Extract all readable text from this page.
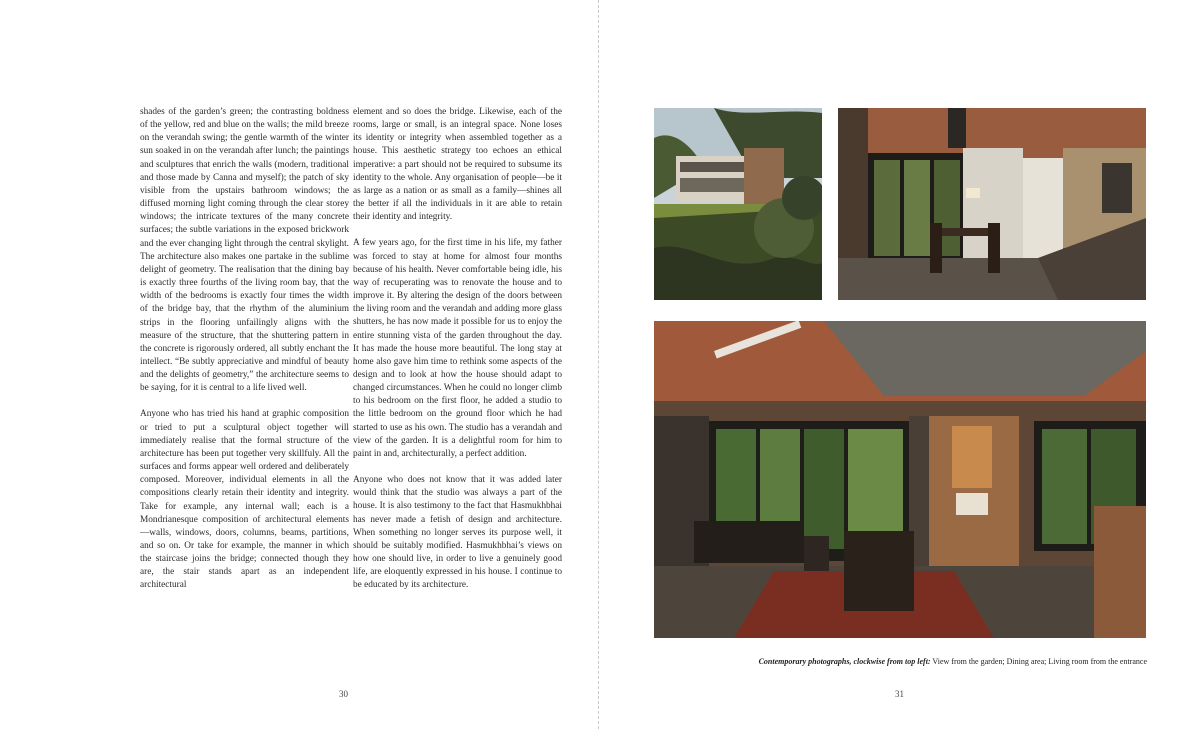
shades of the garden’s green; the contrasting boldness of the yellow, red and blue on the walls; the mild breeze on the verandah swing; the gentle warmth of the winter sun soaked in on the verandah after lunch; the paintings and sculptures that enrich the walls (modern, traditional and those made by Canna and myself); the patch of sky visible from the upstairs bathroom windows; the diffused morning light coming through the clear storey windows; the intricate textures of the many concrete surfaces; the subtle variations in the exposed brickwork and the ever changing light through the central skylight. The architecture also makes one partake in the sublime delight of geometry. The realisation that the dining bay is exactly three fourths of the living room bay, that the width of the bedrooms is exactly four times the width of the bridge bay, that the rhythm of the aluminium strips in the flooring unfailingly aligns with the measure of the structure, that the shuttering pattern in the concrete is rigorously ordered, all subtly enchant the intellect. “Be subtly appreciative and mindful of beauty and the delights of geometry,” the architecture seems to be saying, for it is central to a life lived well.

Anyone who has tried his hand at graphic composition or tried to put a sculptural object together will immediately realise that the formal structure of the architecture has been put together very skillfuly. All the surfaces and forms appear well ordered and deliberately composed. Moreover, individual elements in all the compositions clearly retain their identity and integrity. Take for example, any internal wall; each is a Mondrianesque composition of architectural elements—walls, windows, doors, columns, beams, partitions, and so on. Or take for example, the manner in which the staircase joins the bridge; connected though they are, the stair stands apart as an independent architectural

element and so does the bridge. Likewise, each of the rooms, large or small, is an integral space. None loses its identity or integrity when assembled together as a house. This aesthetic strategy too echoes an ethical imperative: a part should not be required to subsume its identity to the whole. Any organisation of people—be it as large as a nation or as small as a family—shines all the better if all the individuals in it are able to retain their identity and integrity.

A few years ago, for the first time in his life, my father was forced to stay at home for almost four months because of his health. Never comfortable being idle, his way of recuperating was to renovate the house and to improve it. By altering the design of the doors between the living room and the verandah and adding more glass shutters, he has now made it possible for us to enjoy the entire stunning vista of the garden throughout the day. It has made the house more beautiful. The long stay at home also gave him time to rethink some aspects of the design and to look at how the house should adapt to changed circumstances. When he could no longer climb to his bedroom on the first floor, he added a studio to the little bedroom on the ground floor which he had started to use as his own. The studio has a verandah and view of the garden. It is a delightful room for him to paint in and, architecturally, a perfect addition.

Anyone who does not know that it was added later would think that the studio was always a part of the house. It is also testimony to the fact that Hasmukhbhai has never made a fetish of design and architecture. When something no longer serves its purpose well, it should be suitably modified. Hasmukhbhai’s views on how one should live, in order to live a genuinely good life, are eloquently expressed in his house. I continue to be educated by its architecture.

30
Contemporary photographs, clockwise from top left: View from the garden; Dining area; Living room from the entrance
31
